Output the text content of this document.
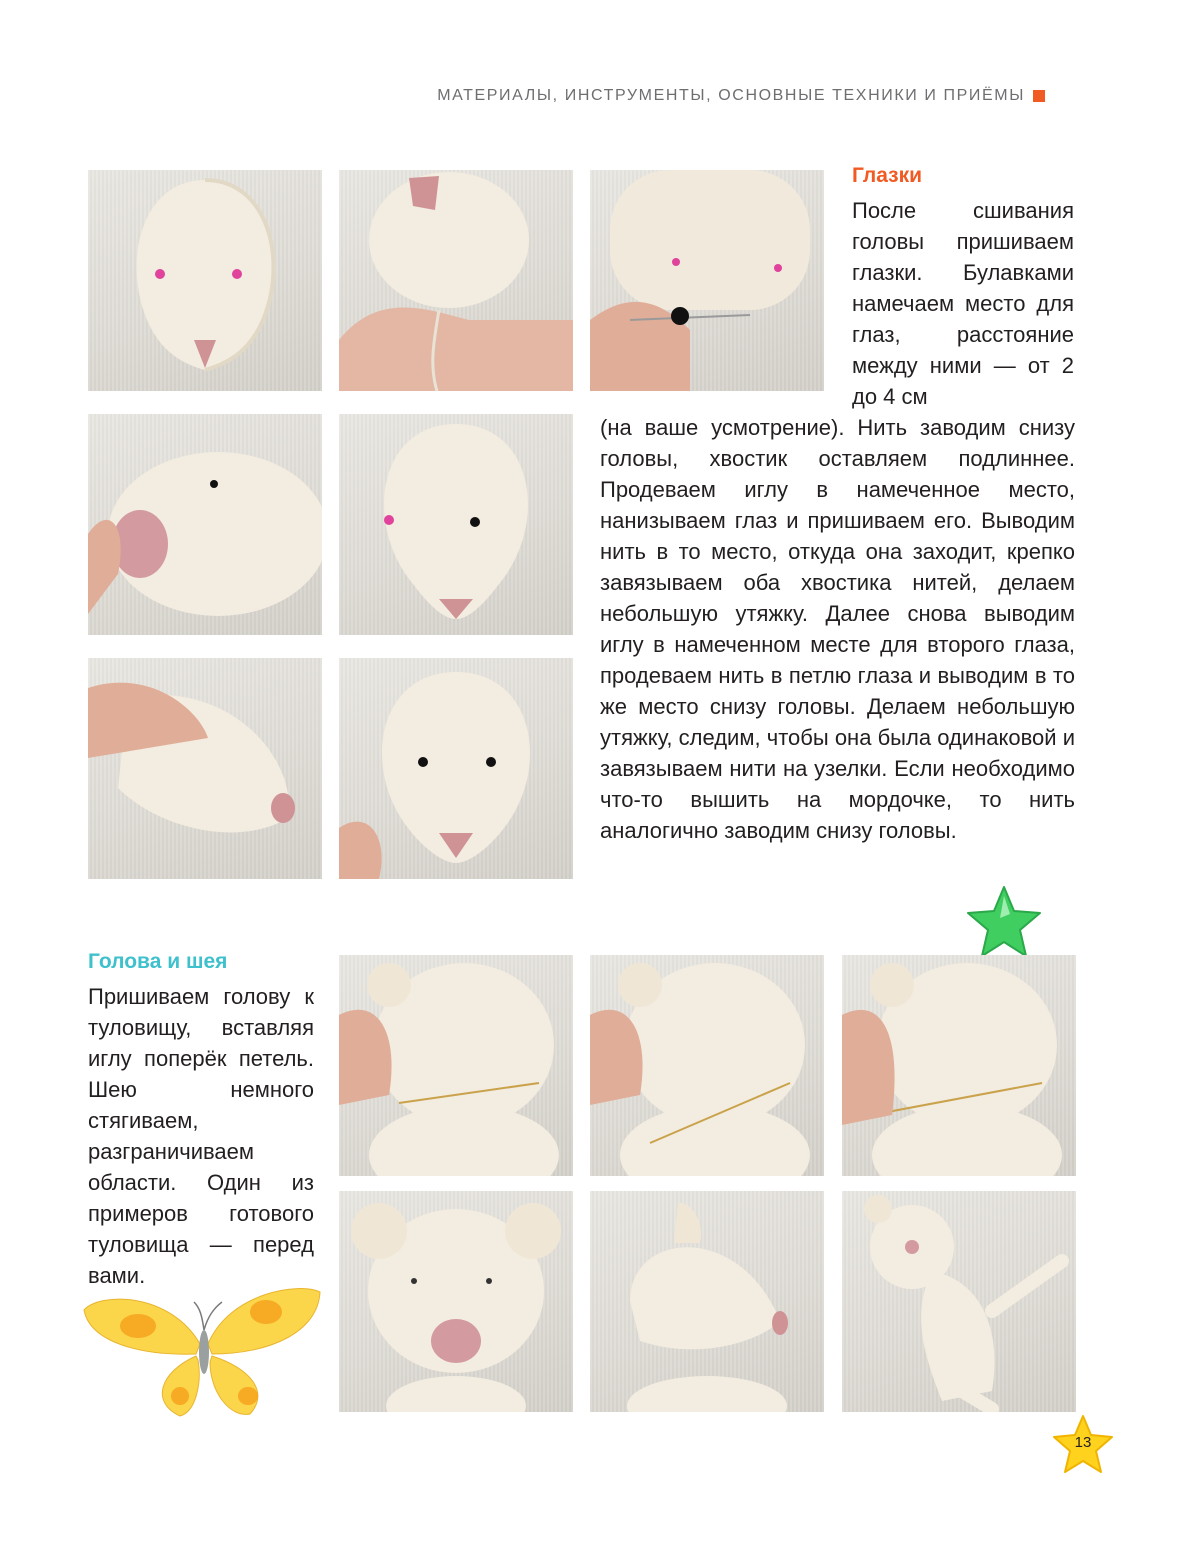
МАТЕРИАЛЫ, ИНСТРУМЕНТЫ, ОСНОВНЫЕ ТЕХНИКИ И ПРИЁМЫ
Глазки

После сшивания головы пришиваем глазки. Булавками намечаем место для глаз, расстояние между ними — от 2 до 4 см

(на ваше усмотрение). Нить заводим снизу головы, хвостик оставляем подлиннее. Продеваем иглу в намеченное место, нанизываем глаз и пришиваем его. Выводим нить в то место, откуда она заходит, крепко завязываем оба хвостика нитей, делаем небольшую утяжку. Далее снова выводим иглу в намеченном месте для второго глаза, продеваем нить в петлю глаза и выводим в то же место снизу головы. Делаем небольшую утяжку, следим, чтобы она была одинаковой и завязываем нити на узелки. Если необходимо что-то вышить на мордочке, то нить аналогично заводим снизу головы.

Голова и шея

Пришиваем голову к туловищу, вставляя иглу поперёк петель. Шею немного стягиваем, разграничиваем области. Один из примеров готового туловища — перед вами.

13
